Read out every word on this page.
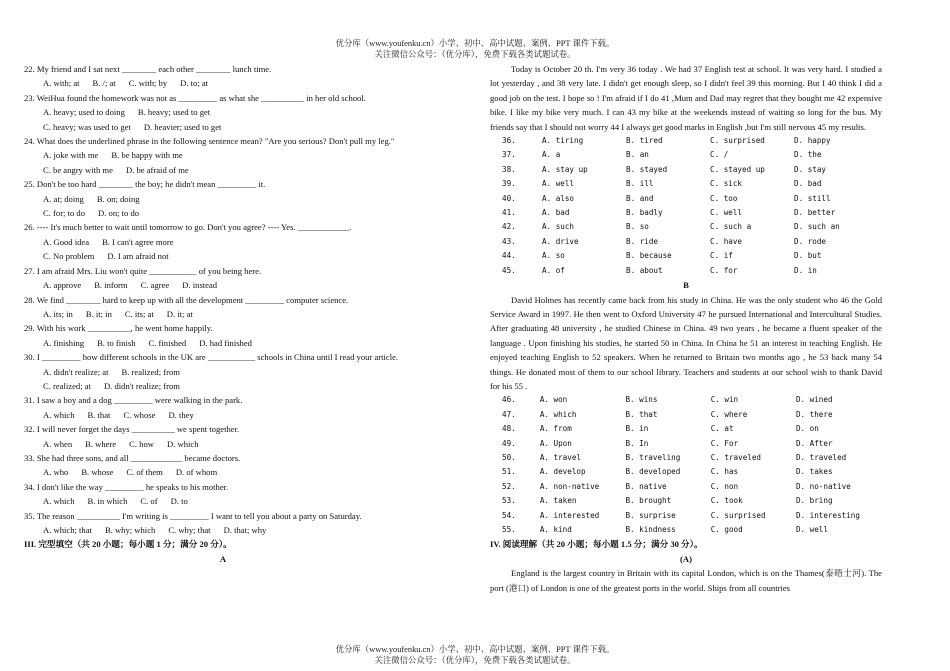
优分库（www.youfenku.cn）小学、初中、高中试题、案例、PPT 课件下载。
关注微信公众号：（优分库），免费下载各类试题试卷。
22. My friend and I sat next ________ each other ________ lunch time.
A. with; at B. /; at C. with; by D. to; at
23. WeiHua found the homework was not as _________ as what she __________ in her old school.
A. heavy; used to doing B. heavy; used to get
C. heavy; was used to get D. heavier; used to get
24. What does the underlined phrase in the following sentence mean? "Are you serious? Don't pull my leg."
A. joke with me B. be happy with me
C. be angry with me D. be afraid of me
25. Don't be too hard ________ the boy; he didn't mean _________ it.
A. at; doing B. on; doing
C. for; to do D. on; to do
26. ---- It's much better to wait until tomorrow to go. Don't you agree? ---- Yes. ____________.
A. Good idea B. I can't agree more
C. No problem D. I am afraid not
27. I am afraid Mrs. Liu won't quite ___________ of you being here.
A. approve B. inform C. agree D. instead
28. We find ________ hard to keep up with all the development _________ computer science.
A. its; in B. it; in C. its; at D. it; at
29. With his work __________, he went home happily.
A. finishing B. to finish C. finished D. had finished
30. I _________ how different schools in the UK are ___________ schools in China until I read your article.
A. didn't realize; at B. realized; from
C. realized; at D. didn't realize; from
31. I saw a boy and a dog _________ were walking in the park.
A. which B. that C. whose D. they
32. I will never forget the days __________ we spent together.
A. when B. where C. how D. which
33. She had three sons, and all ____________ became doctors.
A. who B. whose C. of them D. of whom
34. I don't like the way _________ he speaks to his mother.
A. which B. in which C. of D. to
35. The reason __________ I'm writing is _________ I want to tell you about a party on Saturday.
A. which; that B. why; which C. why; that D. that; why
III. 完型填空（共 20 小题；每小题 1 分；满分 20 分）。
A

Today is October 20 th. I'm very 36 today . We had 37 English test at school. It was very hard. I studied a lot yesterday , and 38 very late. I didn't get enough sleep, so I didn't feel 39 this morning. But I 40 think I did a good job on the test. I hope so ! I'm afraid if I do 41 ,Mum and Dad may regret that they bought me 42 expensive bike. I like my bike very much. I can 43 my bike at the weekends instead of waiting so long for the bus. My friends say that I should not worry 44 I always get good marks in English ,but I'm still nervous 45 my results.

36.	A. tiring	B. tired	C. surprised	D. happy
37.	A. a	B. an	C. /	D. the
38.	A. stay up	B. stayed	C. stayed up	D. stay
39.	A. well	B. ill	C. sick	D. bad
40.	A. also	B. and	C. too	D. still
41.	A. bad	B. badly	C. well	D. better
42.	A. such	B. so	C. such a	D. such an
43.	A. drive	B. ride	C. have	D. rode
44.	A. so	B. because	C. if	D. but
45.	A. of	B. about	C. for	D. in
B

David Holmes has recently came back from his study in China. He was the only student who 46 the Gold Service Award in 1997. He then went to Oxford University 47 he pursued International and Intercultural Studies. After graduating 48 university , he studied Chinese in China. 49 two years , he became a fluent speaker of the language . Upon finishing his studies, he started 50 in China. In China he 51 an interest in teaching English. He enjoyed teaching English to 52 speakers. When he returned to Britain two months ago , he 53 back many 54 things. He donated most of them to our school library. Teachers and students at our school wish to thank David for his 55 .

46.	A. won	B. wins	C. win	D. wined
47.	A. which	B. that	C. where	D. there
48.	A. from	B. in	C. at	D. on
49.	A. Upon	B. In	C. For	D. After
50.	A. travel	B. traveling	C. traveled	D. traveled
51.	A. develop	B. developed	C. has	D. takes
52.	A. non-native	B. native	C. non	D. no-native
53.	A. taken	B. brought	C. took	D. bring
54.	A. interested	B. surprise	C. surprised	D. interesting
55.	A. kind	B. kindness	C. good	D. well
IV. 阅读理解（共 20 小题；每小题 1.5 分；满分 30 分）。
(A)

England is the largest country in Britain with its capital London, which is on the Thames(泰晤士河). The port (港口) of London is one of the greatest ports in the world. Ships from all countries

优分库（www.youfenku.cn）小学、初中、高中试题、案例、PPT 课件下载。
关注微信公众号：（优分库），免费下载各类试题试卷。
